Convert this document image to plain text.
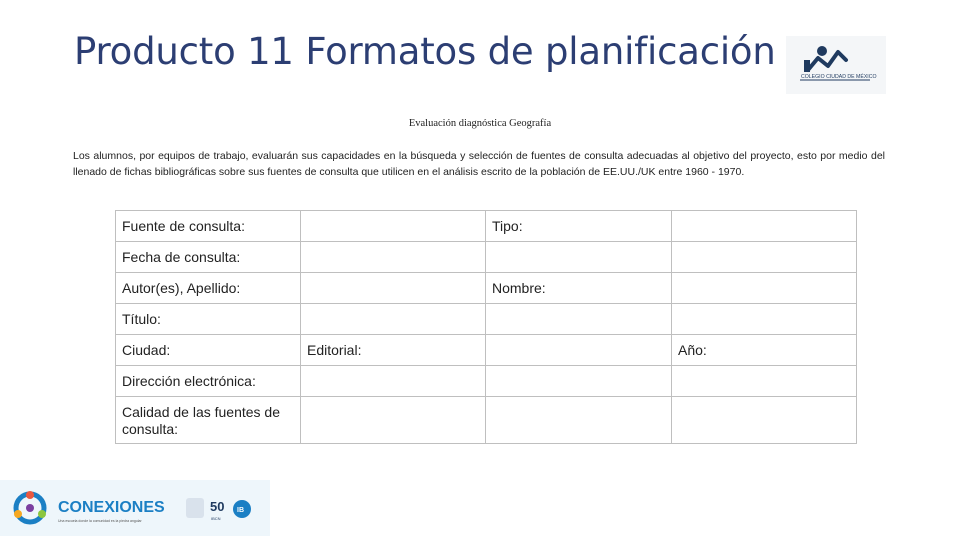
Producto 11 Formatos de planificación
COLEGIO CIUDAD DE MÉXICO
Evaluación diagnóstica Geografía
Los alumnos, por equipos de trabajo, evaluarán sus capacidades en la búsqueda y selección de fuentes de consulta adecuadas al objetivo del proyecto, esto por medio del llenado de fichas bibliográficas sobre sus fuentes de consulta que utilicen en el análisis escrito de la población de EE.UU./UK entre 1960 - 1970.
Fuente de consulta:		Tipo:	
Fecha de consulta:			
Autor(es), Apellido:		Nombre:	
Título:			
Ciudad:	Editorial:		Año:
Dirección electrónica:			
Calidad de las fuentes de consulta:			
CONEXIONES
Una escuela donde la comunidad es la piedra angular
50
IBCN
IB
